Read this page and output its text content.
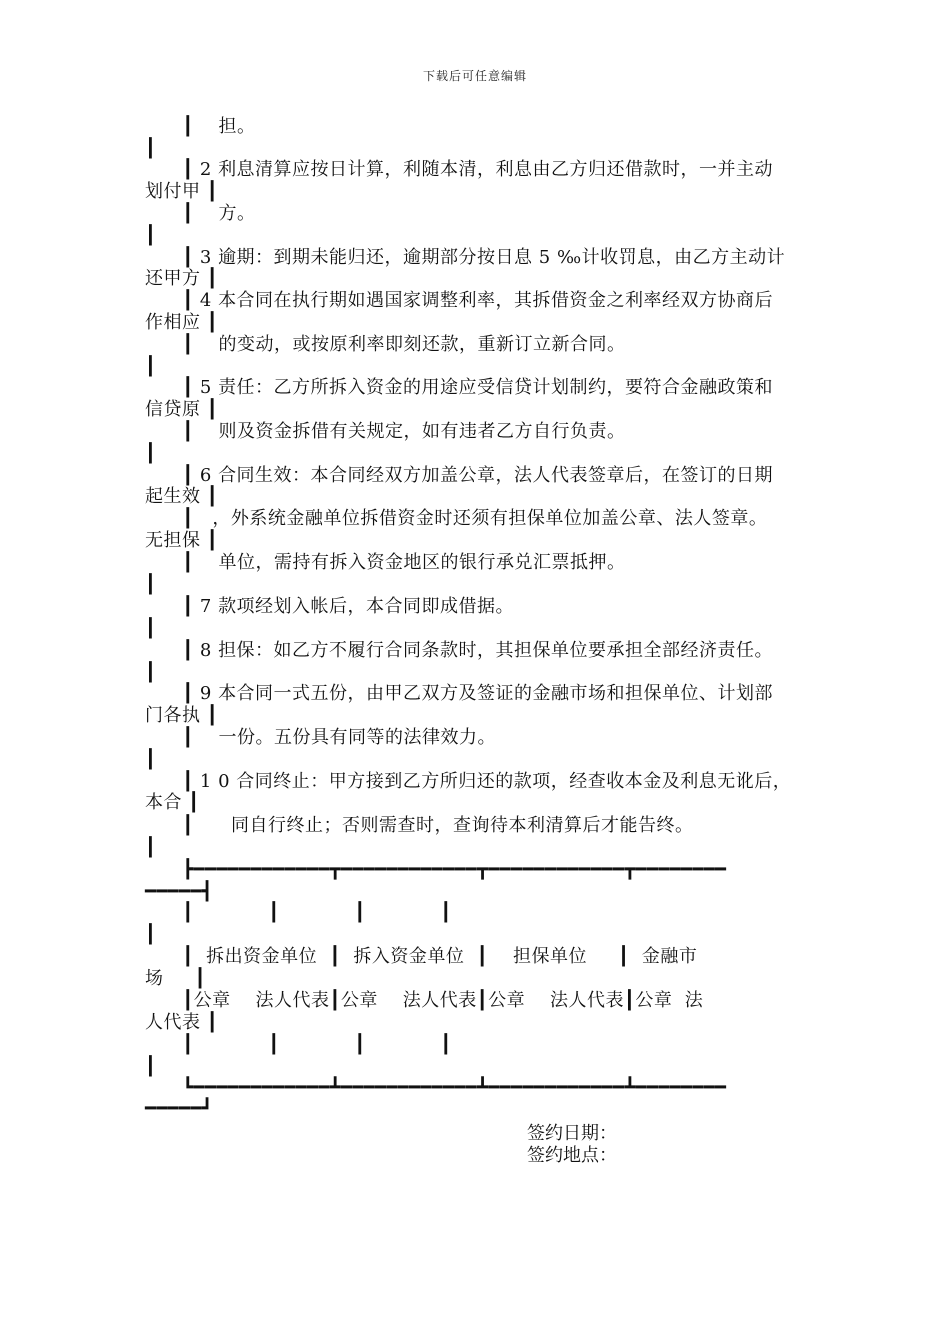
下载后可任意编辑
┃    担。
┃
┃ 2 利息清算应按日计算，利随本清，利息由乙方归还借款时，一并主动
划付甲 ┃
┃    方。
┃
┃ 3 逾期：到期未能归还，逾期部分按日息 5 ‰计收罚息，由乙方主动计
还甲方 ┃
┃ 4 本合同在执行期如遇国家调整利率，其拆借资金之利率经双方协商后
作相应 ┃
┃    的变动，或按原利率即刻还款，重新订立新合同。
┃
┃ 5 责任：乙方所拆入资金的用途应受信贷计划制约，要符合金融政策和
信贷原 ┃
┃    则及资金拆借有关规定，如有违者乙方自行负责。
┃
┃ 6 合同生效：本合同经双方加盖公章，法人代表签章后，在签订的日期
起生效 ┃
┃   ，外系统金融单位拆借资金时还须有担保单位加盖公章、法人签章。
无担保 ┃
┃    单位，需持有拆入资金地区的银行承兑汇票抵押。
┃
┃ 7 款项经划入帐后，本合同即成借据。
┃
┃ 8 担保：如乙方不履行合同条款时，其担保单位要承担全部经济责任。
┃
┃ 9 本合同一式五份，由甲乙双方及签证的金融市场和担保单位、计划部
门各执 ┃
┃    一份。五份具有同等的法律效力。
┃
┃ 1 0 合同终止：甲方接到乙方所归还的款项，经查收本金及利息无讹后，
本合 ┃
┃      同自行终止；否则需查时，查询待本利清算后才能告终。
┃
┣━━━━━━━━━━━━┳━━━━━━━━━━━━┳━━━━━━━━━━━━┳━━━━━━━━
━━━━━┫
┃            ┃            ┃            ┃
┃
┃  拆出资金单位  ┃  拆入资金单位  ┃    担保单位     ┃  金融市
场     ┃
┃公章    法人代表┃公章    法人代表┃公章    法人代表┃公章  法
人代表 ┃
┃            ┃            ┃            ┃
┃
┗━━━━━━━━━━━━┻━━━━━━━━━━━━┻━━━━━━━━━━━━┻━━━━━━━━
━━━━━┛
签约日期：
签约地点：
